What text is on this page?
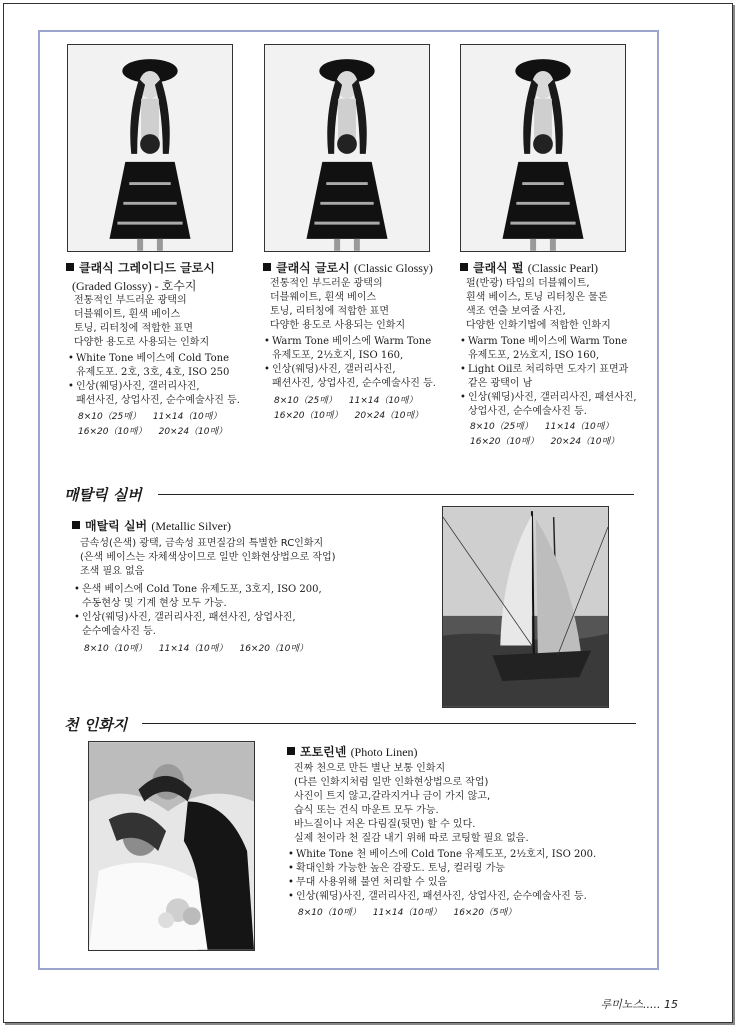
클래식 그레이디드 글로시
(Graded Glossy) - 호수지
전통적인 부드러운 광택의
더블웨이트, 흰색 베이스
토닝, 리터칭에 적합한 표면
다양한 용도로 사용되는 인화지
• White Tone 베이스에 Cold Tone
유제도포. 2호, 3호, 4호, ISO 250
• 인상(웨딩)사진, 갤러리사진,
패션사진, 상업사진, 순수예술사진 등.
8×10（25매） 11×14（10매）
16×20（10매） 20×24（10매）
클래식 글로시 (Classic Glossy)
전통적인 부드러운 광택의
더블웨이트, 흰색 베이스
토닝, 리터칭에 적합한 표면
다양한 용도로 사용되는 인화지
• Warm Tone 베이스에 Warm Tone
유제도포, 2½호지, ISO 160,
• 인상(웨딩)사진, 갤러리사진,
패션사진, 상업사진, 순수예술사진 등.
8×10（25매） 11×14（10매）
16×20（10매） 20×24（10매）
클래식 펄 (Classic Pearl)
펄(반광) 타입의 더블웨이트,
흰색 베이스, 토닝 리터칭은 물론
색조 연출 보여줄 사진,
다양한 인화기법에 적합한 인화지
• Warm Tone 베이스에 Warm Tone
유제도포, 2½호지, ISO 160,
• Light Oil로 처리하면 도자기 표면과
같은 광택이 남
• 인상(웨딩)사진, 갤러리사진, 패션사진,
상업사진, 순수예술사진 등.
8×10（25매） 11×14（10매）
16×20（10매） 20×24（10매）
매탈릭 실버
매탈릭 실버 (Metallic Silver)
금속성(은색) 광택, 금속성 표면질감의 특별한 RC인화지
(은색 베이스는 자체색상이므로 일반 인화현상법으로 작업)
조색 필요 없음
• 은색 베이스에 Cold Tone 유제도포, 3호지, ISO 200,
수동현상 및 기계 현상 모두 가능.
• 인상(웨딩)사진, 갤러리사진, 패션사진, 상업사진,
순수예술사진 등.
8×10（10매） 11×14（10매） 16×20（10매）
천 인화지
포토린넨 (Photo Linen)
진짜 천으로 만든 별난 보통 인화지
(다른 인화지처럼 일반 인화현상법으로 작업)
사진이 트지 않고,갈라지거나 금이 가지 않고,
습식 또는 건식 마운트 모두 가능.
바느질이나 저온 다림질(뒷면) 할 수 있다.
실제 천이라 천 질감 내기 위해 따로 코팅할 필요 없음.
• White Tone 천 베이스에 Cold Tone 유제도포, 2½호지, ISO 200.
• 확대인화 가능한 높은 감광도. 토닝, 컬러링 가능
• 무대 사용위해 불연 처리할 수 있음
• 인상(웨딩)사진, 갤러리사진, 패션사진, 상업사진, 순수예술사진 등.
8×10（10매） 11×14（10매） 16×20（5매）
루미노스..... 15
